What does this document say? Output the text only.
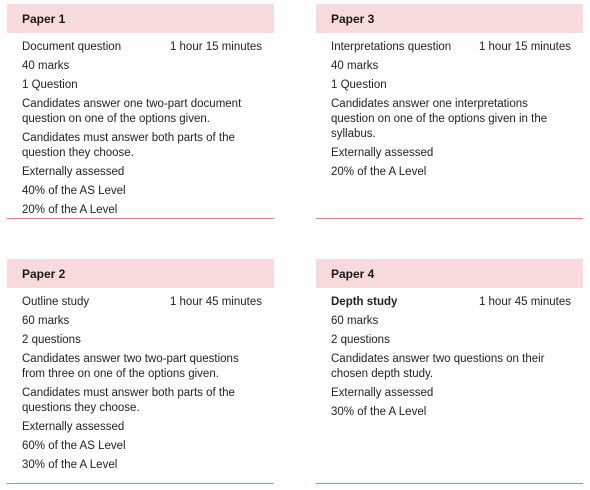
Paper 1
Document question	1 hour 15 minutes
40 marks
1 Question
Candidates answer one two-part document question on one of the options given.
Candidates must answer both parts of the question they choose.
Externally assessed
40% of the AS Level
20% of the A Level
Paper 3
Interpretations question 1 hour 15 minutes
40 marks
1 Question
Candidates answer one interpretations question on one of the options given in the syllabus.
Externally assessed
20% of the A Level
Paper 2
Outline study	1 hour 45 minutes
60 marks
2 questions
Candidates answer two two-part questions from three on one of the options given.
Candidates must answer both parts of the questions they choose.
Externally assessed
60% of the AS Level
30% of the A Level
Paper 4
Depth study	1 hour 45 minutes
60 marks
2 questions
Candidates answer two questions on their chosen depth study.
Externally assessed
30% of the A Level
